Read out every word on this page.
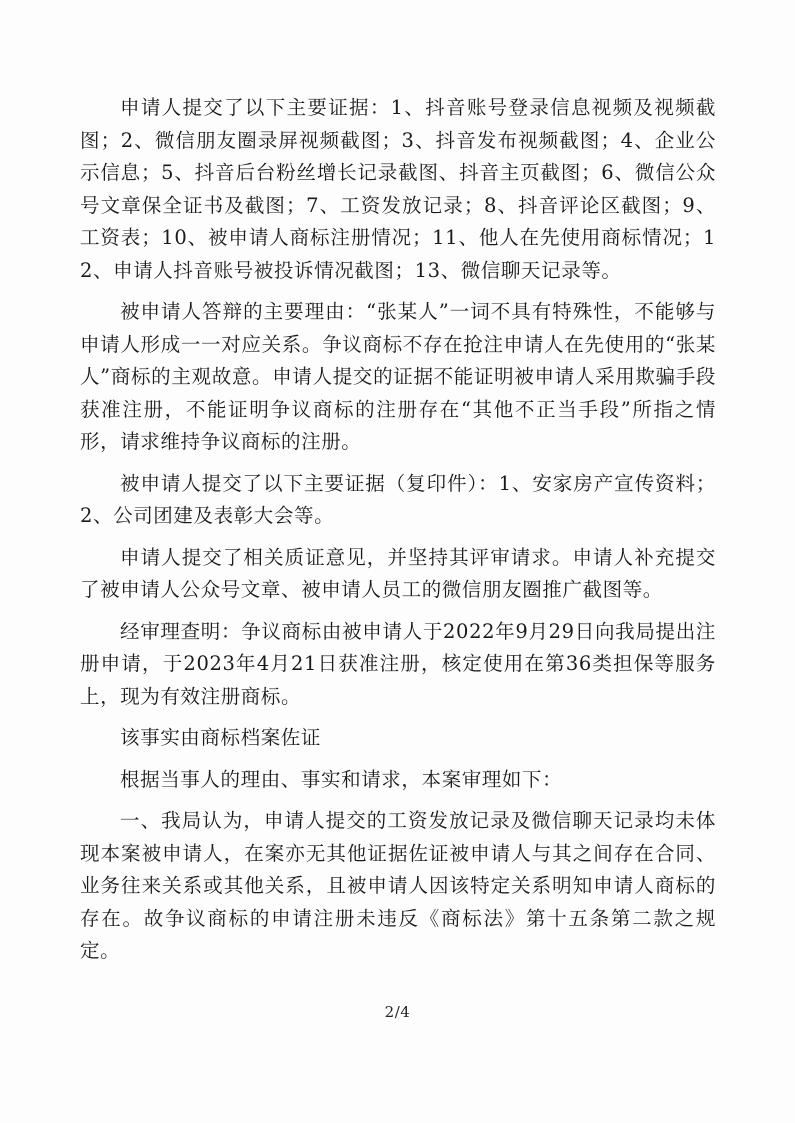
申请人提交了以下主要证据：1、抖音账号登录信息视频及视频截图；2、微信朋友圈录屏视频截图；3、抖音发布视频截图；4、企业公示信息；5、抖音后台粉丝增长记录截图、抖音主页截图；6、微信公众号文章保全证书及截图；7、工资发放记录；8、抖音评论区截图；9、工资表；10、被申请人商标注册情况；11、他人在先使用商标情况；12、申请人抖音账号被投诉情况截图；13、微信聊天记录等。

被申请人答辩的主要理由：“张某人”一词不具有特殊性，不能够与申请人形成一一对应关系。争议商标不存在抢注申请人在先使用的“张某人”商标的主观故意。申请人提交的证据不能证明被申请人采用欺骗手段获准注册，不能证明争议商标的注册存在“其他不正当手段”所指之情形，请求维持争议商标的注册。

被申请人提交了以下主要证据（复印件）：1、安家房产宣传资料；2、公司团建及表彰大会等。

申请人提交了相关质证意见，并坚持其评审请求。申请人补充提交了被申请人公众号文章、被申请人员工的微信朋友圈推广截图等。

经审理查明：争议商标由被申请人于2022年9月29日向我局提出注册申请，于2023年4月21日获准注册，核定使用在第36类担保等服务上，现为有效注册商标。

该事实由商标档案佐证

根据当事人的理由、事实和请求，本案审理如下：

一、我局认为，申请人提交的工资发放记录及微信聊天记录均未体现本案被申请人，在案亦无其他证据佐证被申请人与其之间存在合同、业务往来关系或其他关系，且被申请人因该特定关系明知申请人商标的存在。故争议商标的申请注册未违反《商标法》第十五条第二款之规定。

2/4
